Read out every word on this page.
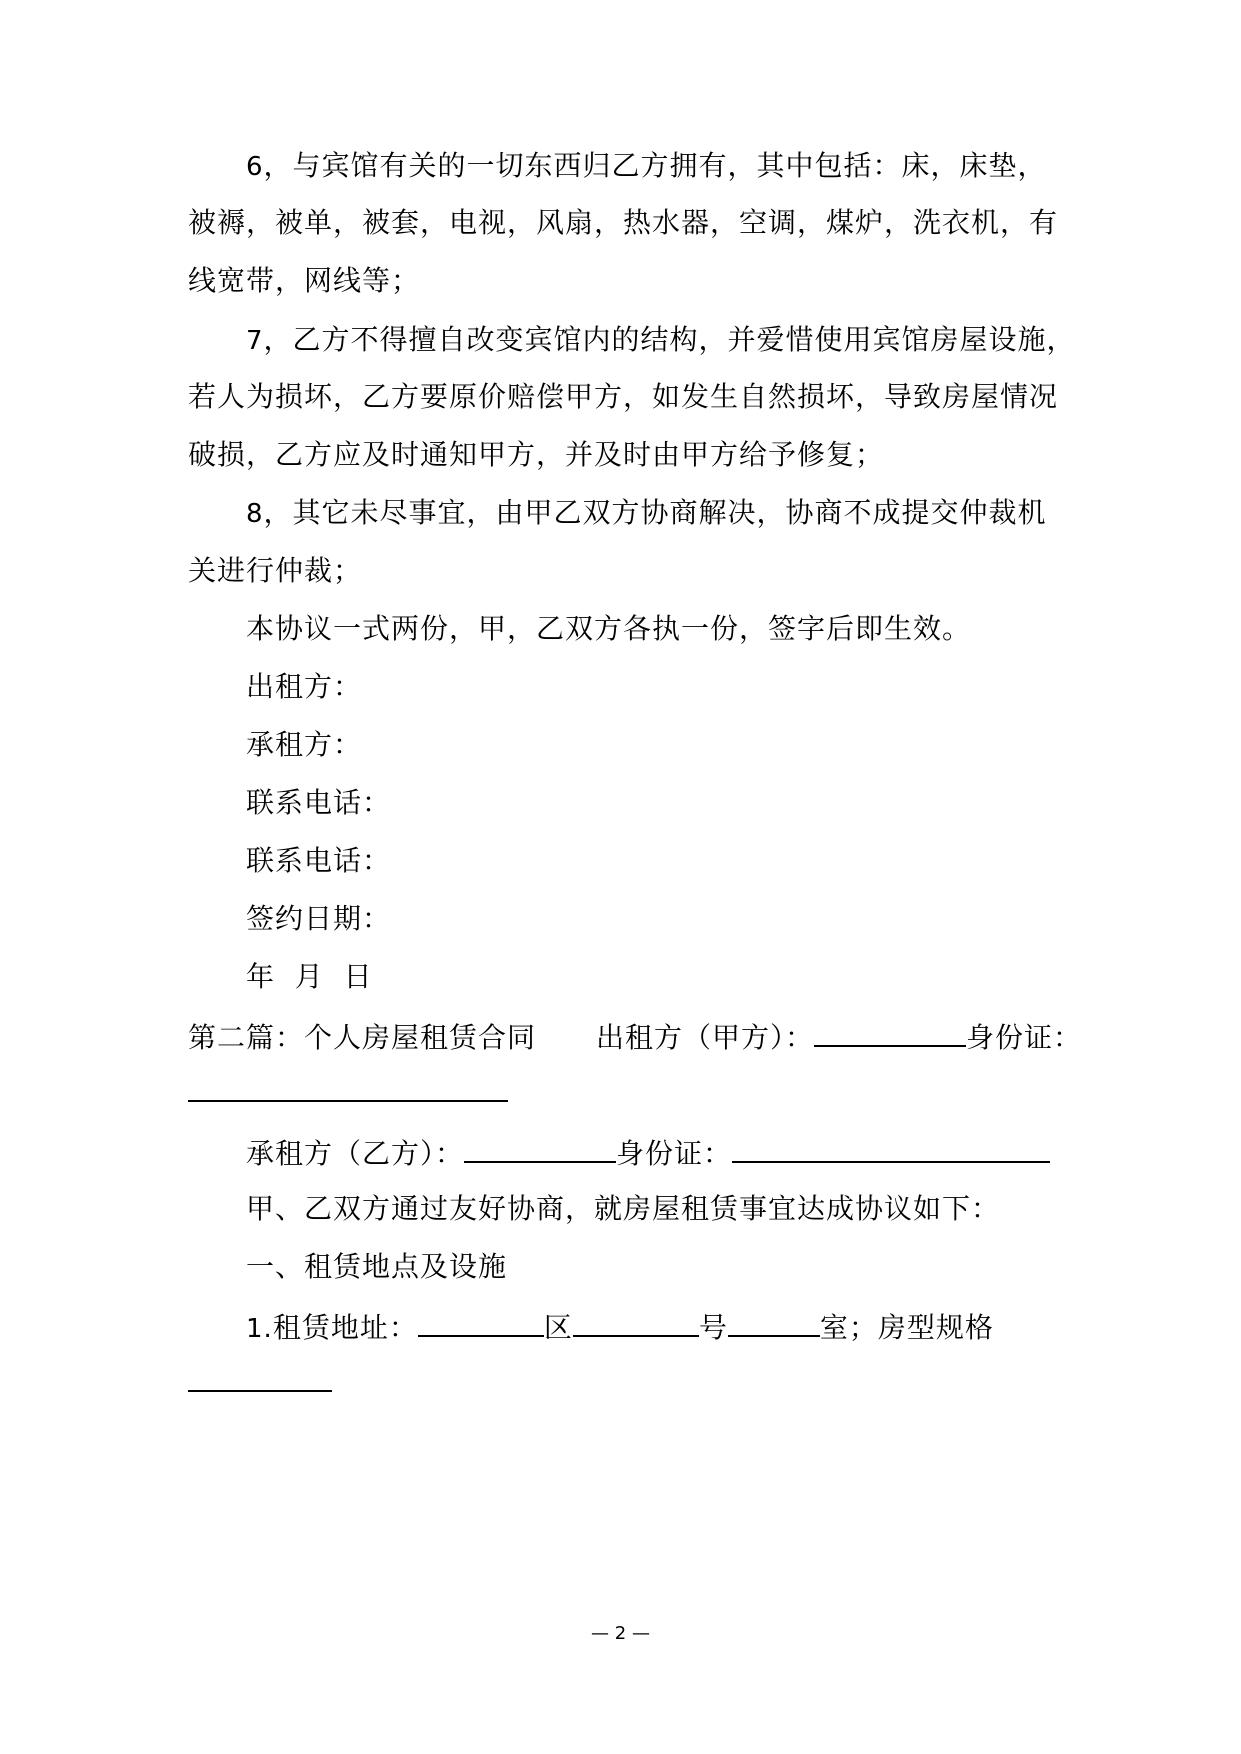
6，与宾馆有关的一切东西归乙方拥有，其中包括：床，床垫，
被褥，被单，被套，电视，风扇，热水器，空调，煤炉，洗衣机，有
线宽带，网线等；
7，乙方不得擅自改变宾馆内的结构，并爱惜使用宾馆房屋设施，
若人为损坏，乙方要原价赔偿甲方，如发生自然损坏，导致房屋情况
破损，乙方应及时通知甲方，并及时由甲方给予修复；
8，其它未尽事宜，由甲乙双方协商解决，协商不成提交仲裁机
关进行仲裁；
本协议一式两份，甲，乙双方各执一份，签字后即生效。
出租方：
承租方：
联系电话：
联系电话：
签约日期：
年  月  日
第二篇：个人房屋租赁合同 出租方（甲方）：	身份证：
承租方（乙方）：	身份证：
甲、乙双方通过友好协商，就房屋租赁事宜达成协议如下：
一、租赁地点及设施
1.租赁地址：	区	号	室；房型规格
— 2 —
